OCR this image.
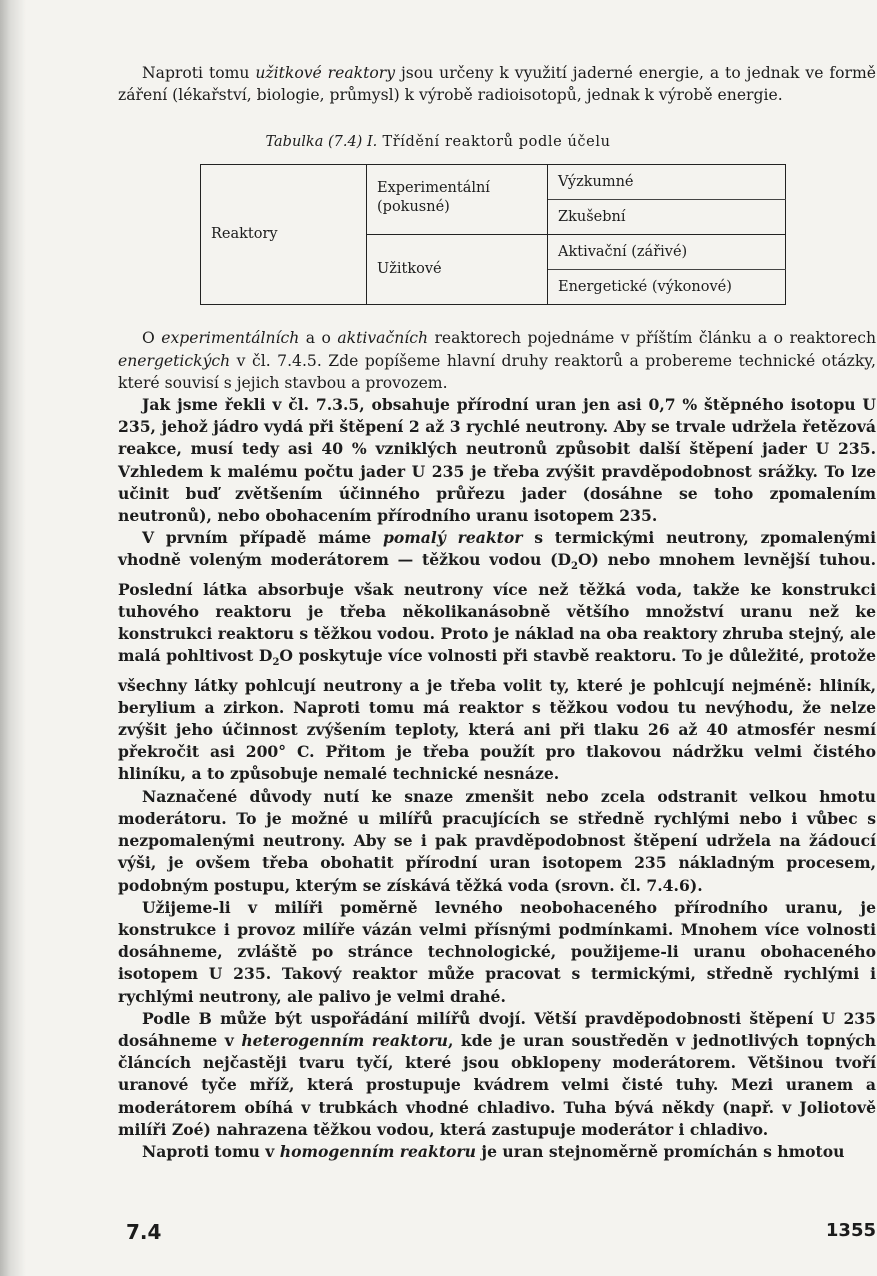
Naproti tomu užitkové reaktory jsou určeny k využití jaderné energie, a to jednak ve formě záření (lékařství, biologie, průmysl) k výrobě radioisotopů, jednak k výrobě energie.

Tabulka (7.4) I. Třídění reaktorů podle účelu
Reaktory	Experimentální (pokusné)	Výzkumné
		Zkušební
	Užitkové	Aktivační (zářivé)
		Energetické (výkonové)

O experimentálních a o aktivačních reaktorech pojednáme v příštím článku a o reaktorech energetických v čl. 7.4.5. Zde popíšeme hlavní druhy reaktorů a probereme technické otázky, které souvisí s jejich stavbou a provozem.

Jak jsme řekli v čl. 7.3.5, obsahuje přírodní uran jen asi 0,7 % štěpného isotopu U 235, jehož jádro vydá při štěpení 2 až 3 rychlé neutrony. Aby se trvale udržela řetězová reakce, musí tedy asi 40 % vzniklých neutronů způsobit další štěpení jader U 235. Vzhledem k malému počtu jader U 235 je třeba zvýšit pravděpodobnost srážky. To lze učinit buď zvětšením účinného průřezu jader (dosáhne se toho zpomalením neutronů), nebo obohacením přírodního uranu isotopem 235.

V prvním případě máme pomalý reaktor s termickými neutrony, zpomalenými vhodně voleným moderátorem — těžkou vodou $(D_2O)$ nebo mnohem levnější tuhou. Poslední látka absorbuje však neutrony více než těžká voda, takže ke konstrukci tuhového reaktoru je třeba několikanásobně většího množství uranu než ke konstrukci reaktoru s těžkou vodou. Proto je náklad na oba reaktory zhruba stejný, ale malá pohltivost $D_2O$ poskytuje více volnosti při stavbě reaktoru. To je důležité, protože všechny látky pohlcují neutrony a je třeba volit ty, které je pohlcují nejméně: hliník, berylium a zirkon. Naproti tomu má reaktor s těžkou vodou tu nevýhodu, že nelze zvýšit jeho účinnost zvýšením teploty, která ani při tlaku 26 až 40 atmosfér nesmí překročit asi 200° C. Přitom je třeba použít pro tlakovou nádržku velmi čistého hliníku, a to způsobuje nemalé technické nesnáze.

Naznačené důvody nutí ke snaze zmenšit nebo zcela odstranit velkou hmotu moderátoru. To je možné u milířů pracujících se středně rychlými nebo i vůbec s nezpomalenými neutrony. Aby se i pak pravděpodobnost štěpení udržela na žádoucí výši, je ovšem třeba obohatit přírodní uran isotopem 235 nákladným procesem, podobným postupu, kterým se získává těžká voda (srovn. čl. 7.4.6).

Užijeme-li v milíři poměrně levného neobohaceného přírodního uranu, je konstrukce i provoz milíře vázán velmi přísnými podmínkami. Mnohem více volnosti dosáhneme, zvláště po stránce technologické, použijeme-li uranu obohaceného isotopem U 235. Takový reaktor může pracovat s termickými, středně rychlými i rychlými neutrony, ale palivo je velmi drahé.

Podle B může být uspořádání milířů dvojí. Větší pravděpodobnosti štěpení U 235 dosáhneme v heterogenním reaktoru, kde je uran soustředěn v jednotlivých topných článcích nejčastěji tvaru tyčí, které jsou obklopeny moderátorem. Většinou tvoří uranové tyče mříž, která prostupuje kvádrem velmi čisté tuhy. Mezi uranem a moderátorem obíhá v trubkách vhodné chladivo. Tuha bývá někdy (např. v Joliotově milíři Zoé) nahrazena těžkou vodou, která zastupuje moderátor i chladivo.

Naproti tomu v homogenním reaktoru je uran stejnoměrně promíchán s hmotou

7.4	1355
